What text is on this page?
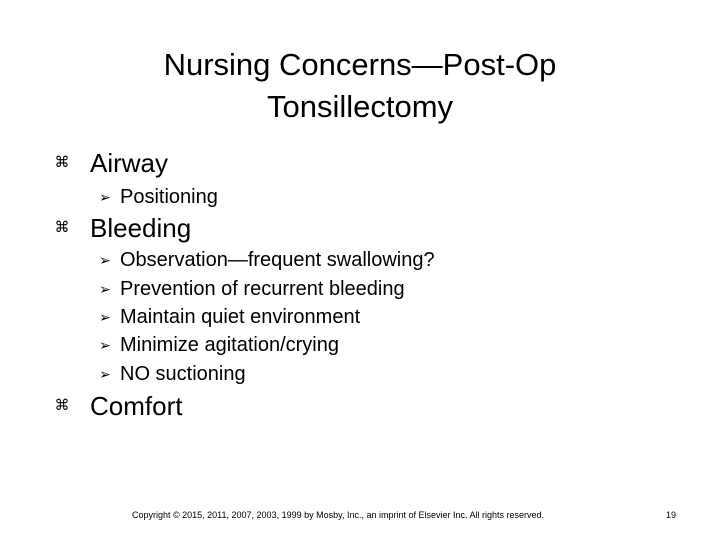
Nursing Concerns—Post-Op
Tonsillectomy
⌘ Airway
➢ Positioning
⌘ Bleeding
➢ Observation—frequent swallowing?
➢ Prevention of recurrent bleeding
➢ Maintain quiet environment
➢ Minimize agitation/crying
➢ NO suctioning
⌘ Comfort
Copyright © 2015, 2011, 2007, 2003, 1999 by Mosby, Inc., an imprint of Elsevier Inc. All rights reserved.	19
